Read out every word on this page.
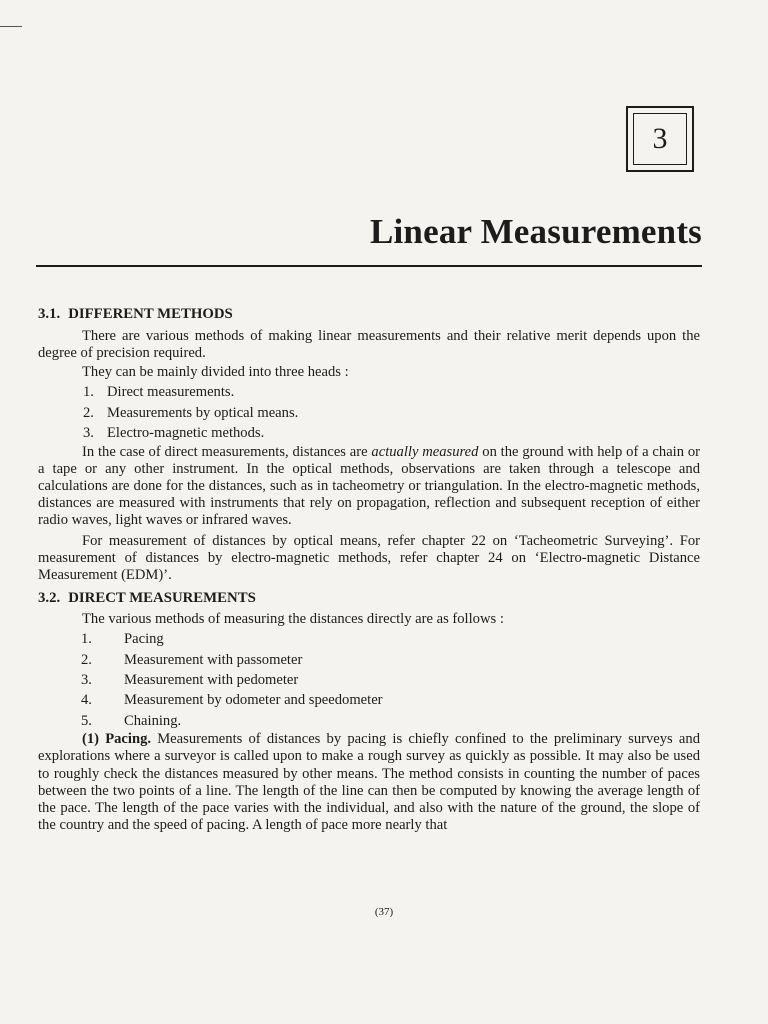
3
Linear Measurements
3.1. DIFFERENT METHODS

There are various methods of making linear measurements and their relative merit depends upon the degree of precision required.

They can be mainly divided into three heads :

1. Direct measurements.
2. Measurements by optical means.
3. Electro-magnetic methods.

In the case of direct measurements, distances are actually measured on the ground with help of a chain or a tape or any other instrument. In the optical methods, observations are taken through a telescope and calculations are done for the distances, such as in tacheometry or triangulation. In the electro-magnetic methods, distances are measured with instruments that rely on propagation, reflection and subsequent reception of either radio waves, light waves or infrared waves.

For measurement of distances by optical means, refer chapter 22 on ‘Tacheometric Surveying’. For measurement of distances by electro-magnetic methods, refer chapter 24 on ‘Electro-magnetic Distance Measurement (EDM)’.

3.2. DIRECT MEASUREMENTS

The various methods of measuring the distances directly are as follows :

1. Pacing
2. Measurement with passometer
3. Measurement with pedometer
4. Measurement by odometer and speedometer
5. Chaining.

(1) Pacing. Measurements of distances by pacing is chiefly confined to the preliminary surveys and explorations where a surveyor is called upon to make a rough survey as quickly as possible. It may also be used to roughly check the distances measured by other means. The method consists in counting the number of paces between the two points of a line. The length of the line can then be computed by knowing the average length of the pace. The length of the pace varies with the individual, and also with the nature of the ground, the slope of the country and the speed of pacing. A length of pace more nearly that

(37)
